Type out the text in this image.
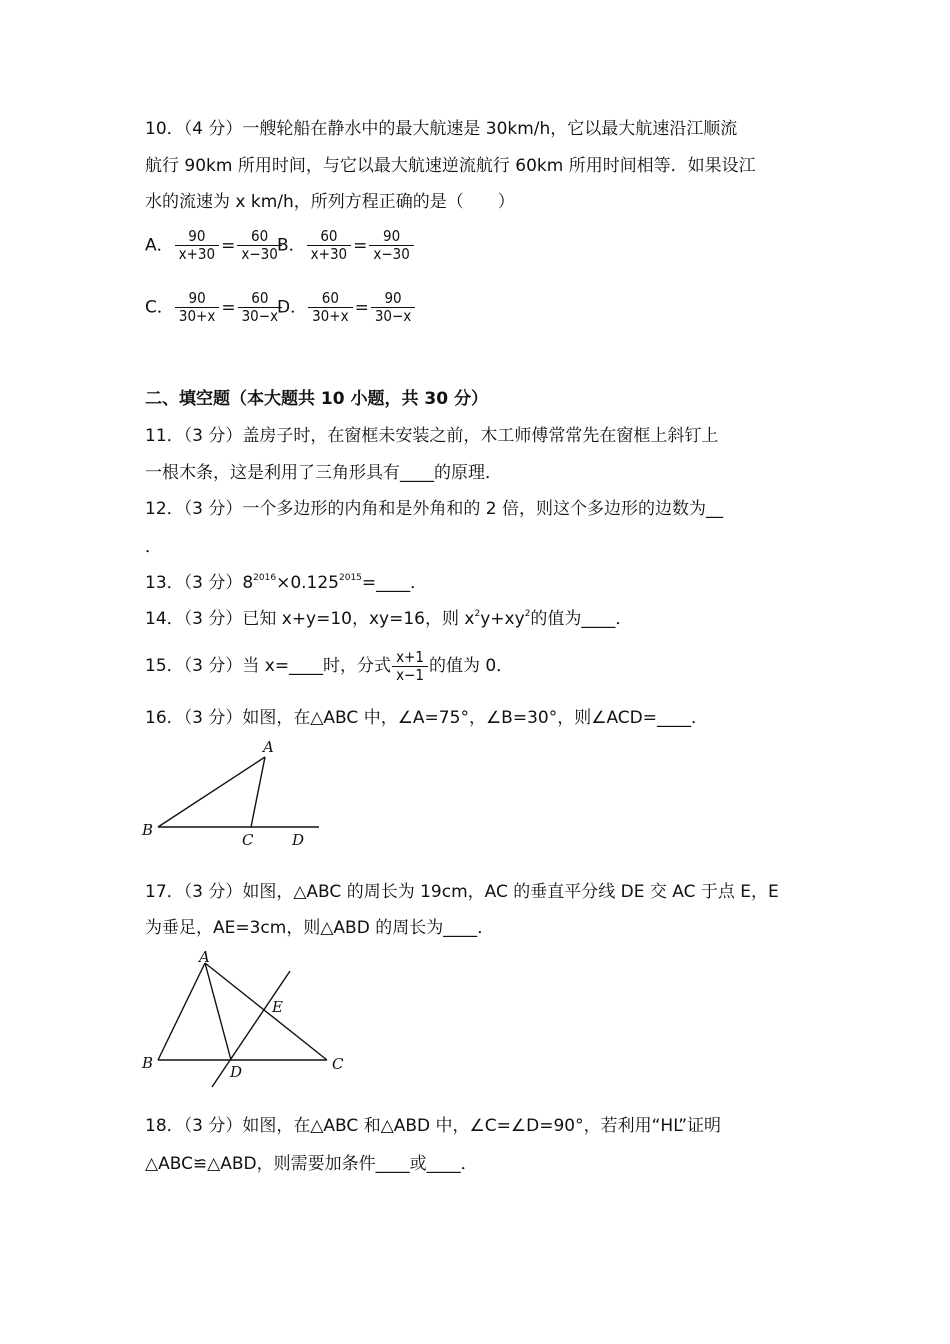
10．（4 分）一艘轮船在静水中的最大航速是 30km/h，它以最大航速沿江顺流
航行 90km 所用时间，与它以最大航速逆流航行 60km 所用时间相等．如果设江
水的流速为 x km/h，所列方程正确的是（　　）
A． $\frac{90}{x+30} = \frac{60}{x-30}$
B． $\frac{60}{x+30} = \frac{90}{x-30}$
C． $\frac{90}{30+x} = \frac{60}{30-x}$
D． $\frac{60}{30+x} = \frac{90}{30-x}$
二、填空题（本大题共 10 小题，共 30 分）
11．（3 分）盖房子时，在窗框未安装之前，木工师傅常常先在窗框上斜钉上
一根木条，这是利用了三角形具有____的原理．
12．（3 分）一个多边形的内角和是外角和的 2 倍，则这个多边形的边数为__
．
13．（3 分）$8^{2016}\times 0.125^{2015}=\_\_\_\_$．
14．（3 分）已知 x+y=10，xy=16，则 $x^2y+xy^2$的值为____．
15．（3 分）当 x=____时，分式 $\frac{x+1}{x-1}$ 的值为 0．
16．（3 分）如图，在△ABC 中，∠A=75°，∠B=30°，则∠ACD=____．
A
B
C	D
17．（3 分）如图，△ABC 的周长为 19cm，AC 的垂直平分线 DE 交 AC 于点 E，E
为垂足，AE=3cm，则△ABD 的周长为____．
A
B	C
D
E
18．（3 分）如图，在△ABC 和△ABD 中，∠C=∠D=90°，若利用“HL”证明
△ABC≌△ABD，则需要加条件____或____．
